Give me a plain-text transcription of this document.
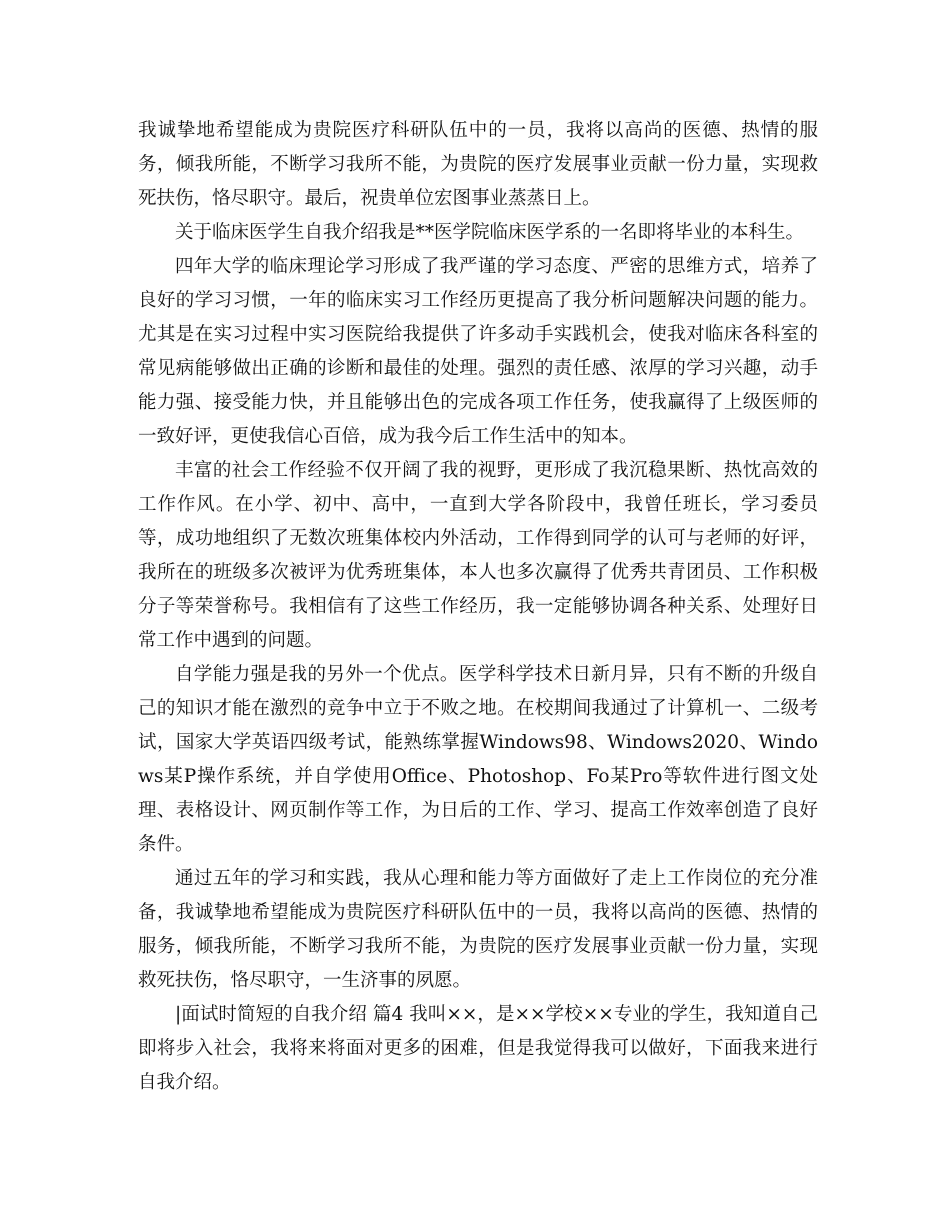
我诚挚地希望能成为贵院医疗科研队伍中的一员，我将以高尚的医德、热情的服务，倾我所能，不断学习我所不能，为贵院的医疗发展事业贡献一份力量，实现救死扶伤，恪尽职守。最后，祝贵单位宏图事业蒸蒸日上。

关于临床医学生自我介绍我是**医学院临床医学系的一名即将毕业的本科生。

四年大学的临床理论学习形成了我严谨的学习态度、严密的思维方式，培养了良好的学习习惯，一年的临床实习工作经历更提高了我分析问题解决问题的能力。尤其是在实习过程中实习医院给我提供了许多动手实践机会，使我对临床各科室的常见病能够做出正确的诊断和最佳的处理。强烈的责任感、浓厚的学习兴趣，动手能力强、接受能力快，并且能够出色的完成各项工作任务，使我赢得了上级医师的一致好评，更使我信心百倍，成为我今后工作生活中的知本。

丰富的社会工作经验不仅开阔了我的视野，更形成了我沉稳果断、热忱高效的工作作风。在小学、初中、高中，一直到大学各阶段中，我曾任班长，学习委员等，成功地组织了无数次班集体校内外活动，工作得到同学的认可与老师的好评，我所在的班级多次被评为优秀班集体，本人也多次赢得了优秀共青团员、工作积极分子等荣誉称号。我相信有了这些工作经历，我一定能够协调各种关系、处理好日常工作中遇到的问题。

自学能力强是我的另外一个优点。医学科学技术日新月异，只有不断的升级自己的知识才能在激烈的竞争中立于不败之地。在校期间我通过了计算机一、二级考试，国家大学英语四级考试，能熟练掌握Windows98、Windows2020、Windows某P操作系统，并自学使用Office、Photoshop、Fo某Pro等软件进行图文处理、表格设计、网页制作等工作，为日后的工作、学习、提高工作效率创造了良好条件。

通过五年的学习和实践，我从心理和能力等方面做好了走上工作岗位的充分准备，我诚挚地希望能成为贵院医疗科研队伍中的一员，我将以高尚的医德、热情的服务，倾我所能，不断学习我所不能，为贵院的医疗发展事业贡献一份力量，实现救死扶伤，恪尽职守，一生济事的夙愿。

|面试时简短的自我介绍 篇4 我叫××，是××学校××专业的学生，我知道自己即将步入社会，我将来将面对更多的困难，但是我觉得我可以做好，下面我来进行自我介绍。
